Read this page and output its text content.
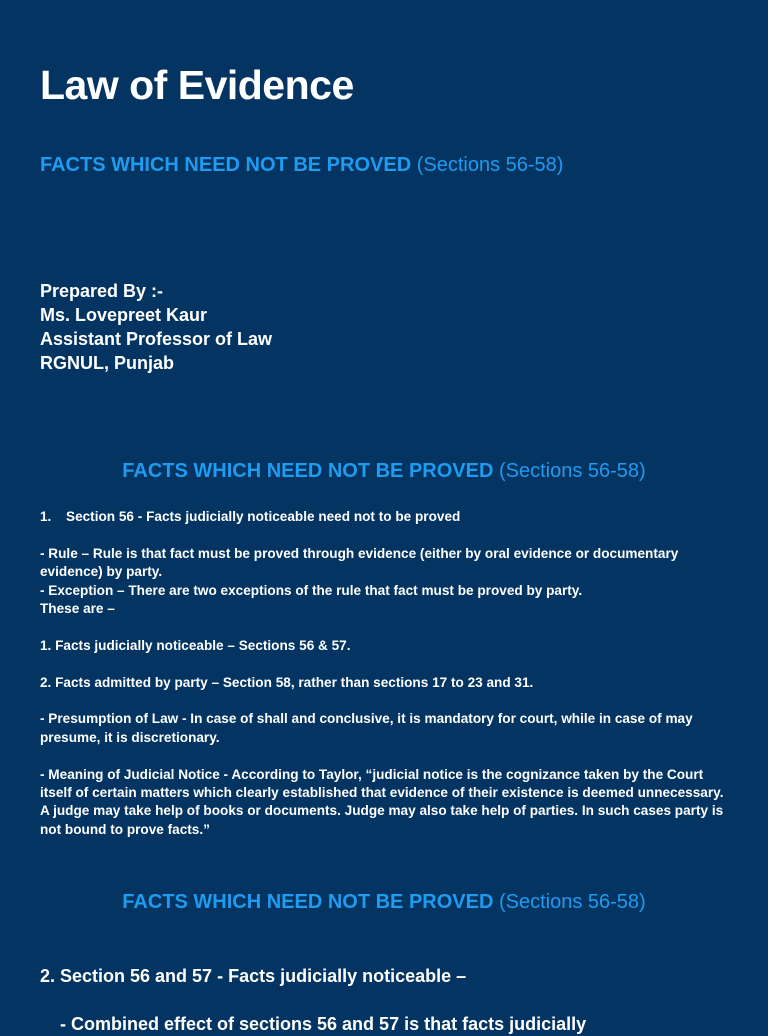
Law of Evidence

FACTS WHICH NEED NOT BE PROVED (Sections 56-58)

Prepared By :-
Ms. Lovepreet Kaur
Assistant Professor of Law
RGNUL, Punjab

FACTS WHICH NEED NOT BE PROVED (Sections 56-58)

1. Section 56 - Facts judicially noticeable need not to be proved

- Rule – Rule is that fact must be proved through evidence (either by oral evidence or documentary evidence) by party.

- Exception – There are two exceptions of the rule that fact must be proved by party.

These are –

1. Facts judicially noticeable – Sections 56 & 57.

2. Facts admitted by party – Section 58, rather than sections 17 to 23 and 31.

- Presumption of Law - In case of shall and conclusive, it is mandatory for court, while in case of may presume, it is discretionary.

- Meaning of Judicial Notice - According to Taylor, “judicial notice is the cognizance taken by the Court itself of certain matters which clearly established that evidence of their existence is deemed unnecessary. A judge may take help of books or documents. Judge may also take help of parties. In such cases party is not bound to prove facts.”

FACTS WHICH NEED NOT BE PROVED (Sections 56-58)

2. Section 56 and 57 - Facts judicially noticeable –

- Combined effect of sections 56 and 57 is that facts judicially
